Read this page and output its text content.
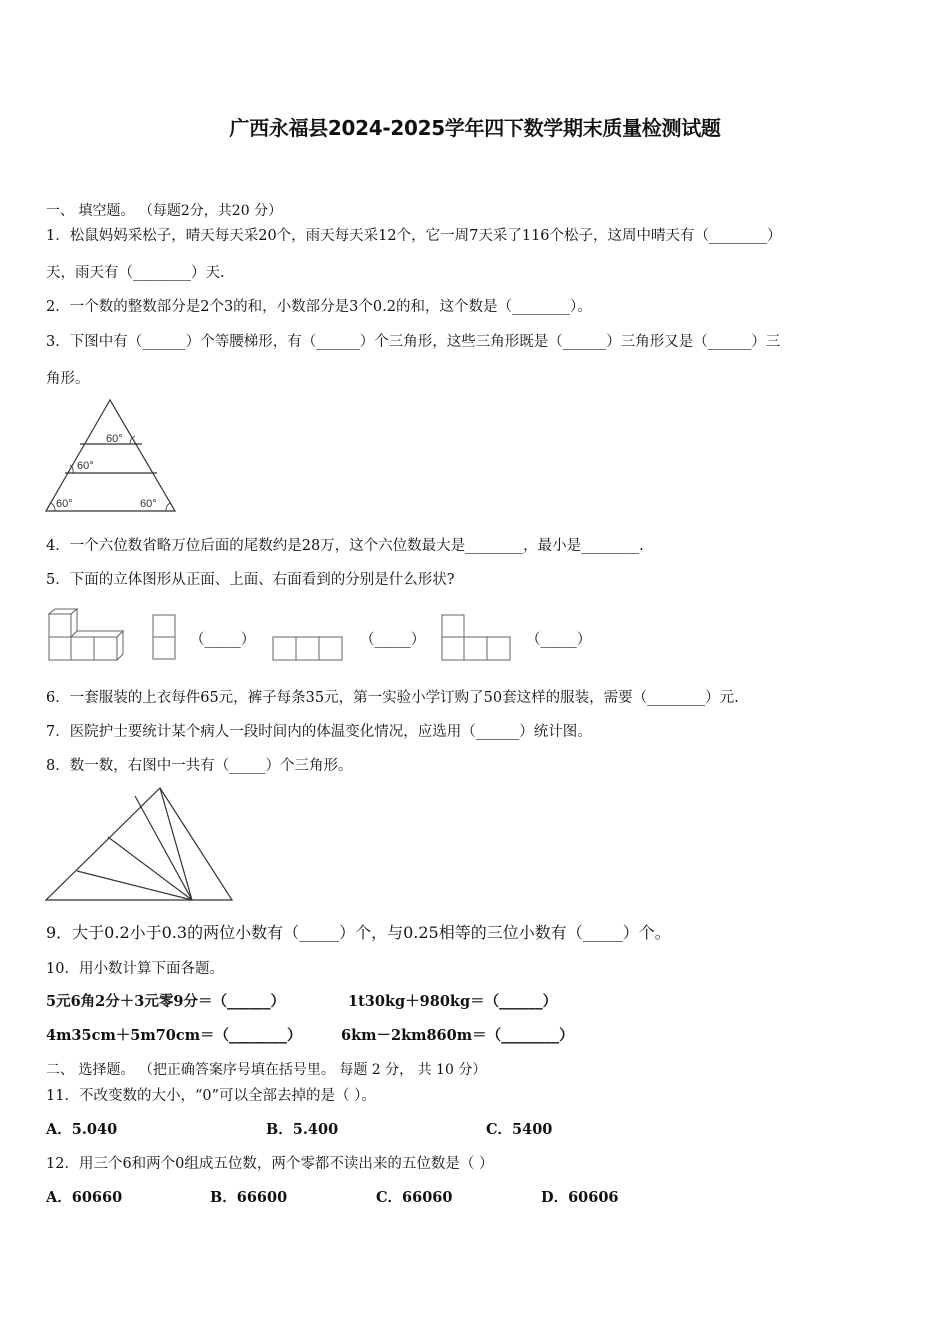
广西永福县2024-2025学年四下数学期末质量检测试题
一、 填空题。 （每题2分，共20 分）
1．松鼠妈妈采松子，晴天每天采20个，雨天每天采12个，它一周7天采了116个松子，这周中晴天有（________）
天，雨天有（________）天.
2．一个数的整数部分是2个3的和，小数部分是3个0.2的和，这个数是（________）。
3．下图中有（______）个等腰梯形，有（______）个三角形，这些三角形既是（______）三角形又是（______）三
角形。
60°
60°
60°	60°
4．一个六位数省略万位后面的尾数约是28万，这个六位数最大是________，最小是________.
5．下面的立体图形从正面、上面、右面看到的分别是什么形状?
（_____）	（_____）	（_____）
6．一套服装的上衣每件65元，裤子每条35元，第一实验小学订购了50套这样的服装，需要（________）元.
7．医院护士要统计某个病人一段时间内的体温变化情况，应选用（______）统计图。
8．数一数，右图中一共有（_____）个三角形。
9．大于0.2小于0.3的两位小数有（_____）个，与0.25相等的三位小数有（_____）个。
10．用小数计算下面各题。
5元6角2分＋3元零9分＝（______）	1t30kg＋980kg＝（______）
4m35cm＋5m70cm＝（________）	6km－2km860m＝（________）
二、 选择题。 （把正确答案序号填在括号里。 每题 2 分， 共 10 分）
11．不改变数的大小，“0”可以全部去掉的是（ ）。
A．5.040	B．5.400	C．5400
12．用三个6和两个0组成五位数，两个零都不读出来的五位数是（ ）
A．60660	B．66600	C．66060	D．60606
